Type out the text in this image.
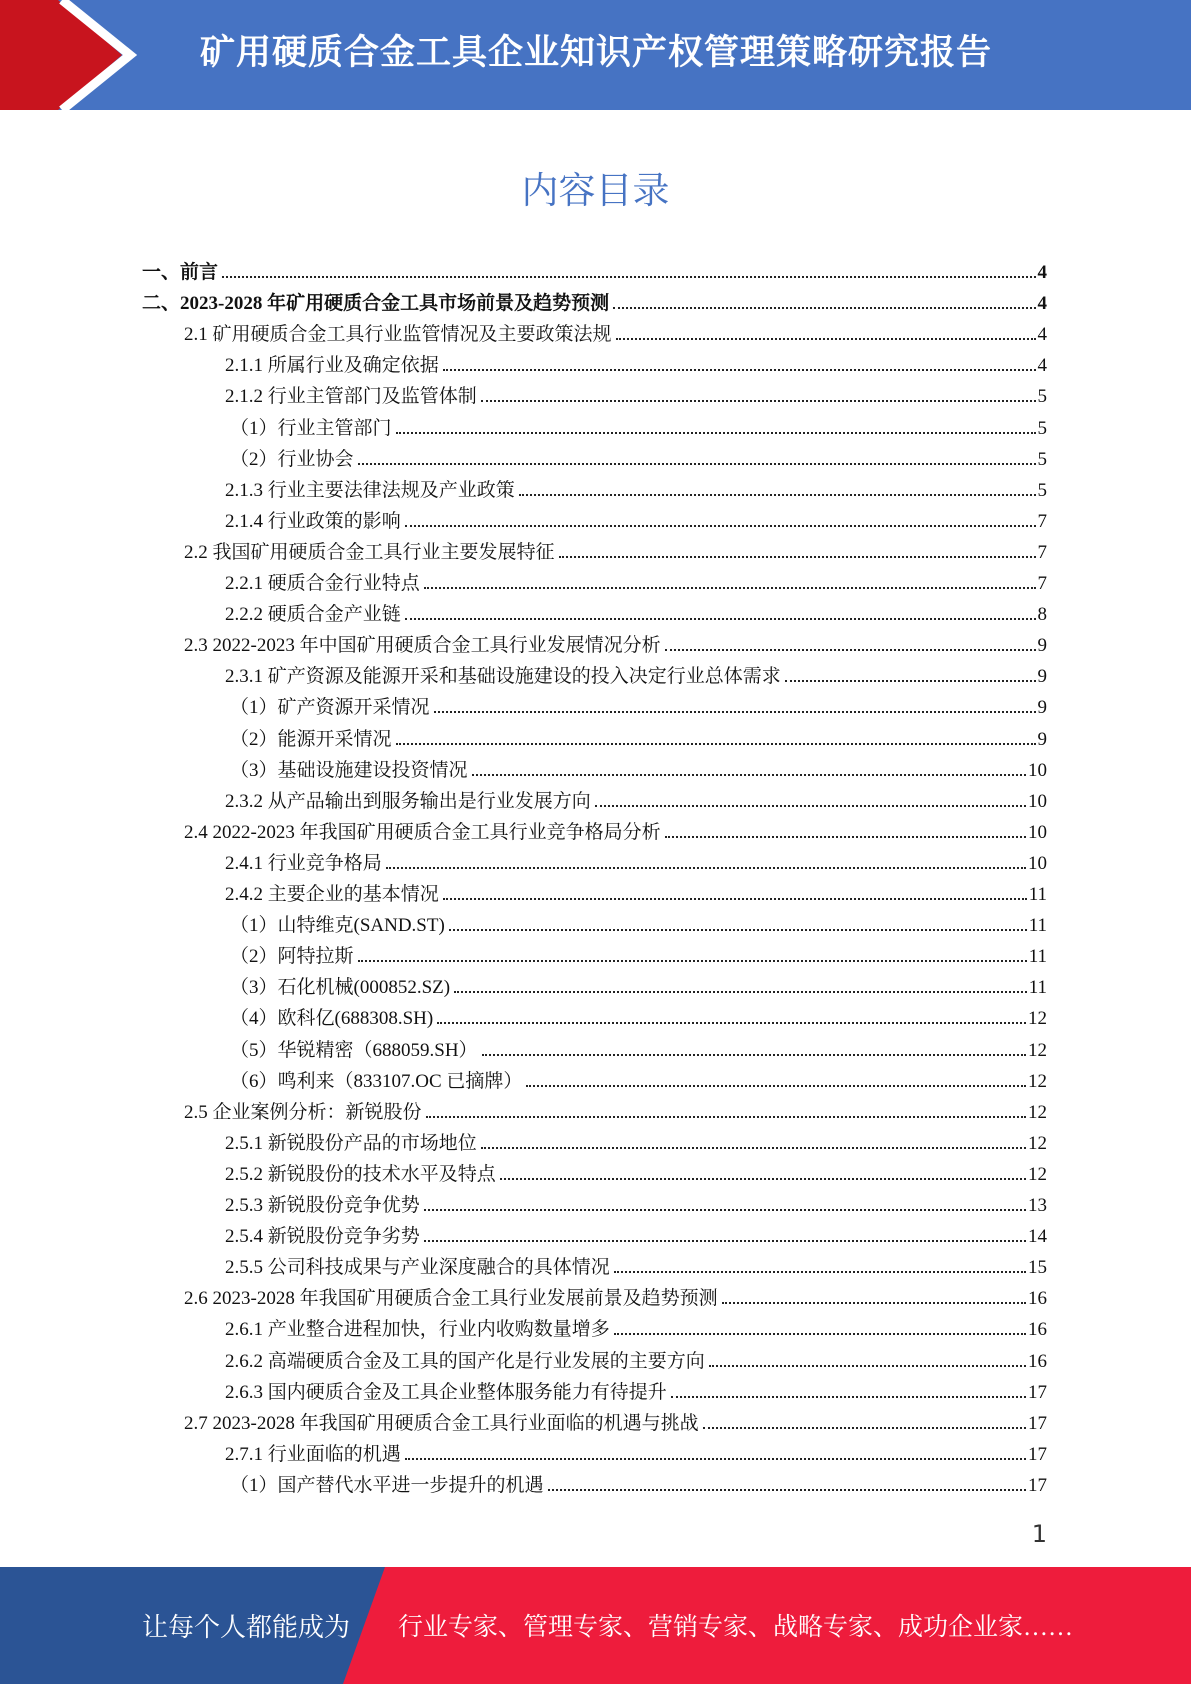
矿用硬质合金工具企业知识产权管理策略研究报告
内容目录
一、前言	4
二、2023-2028 年矿用硬质合金工具市场前景及趋势预测	4
2.1 矿用硬质合金工具行业监管情况及主要政策法规	4
2.1.1 所属行业及确定依据	4
2.1.2 行业主管部门及监管体制	5
（1）行业主管部门	5
（2）行业协会	5
2.1.3 行业主要法律法规及产业政策	5
2.1.4 行业政策的影响	7
2.2 我国矿用硬质合金工具行业主要发展特征	7
2.2.1 硬质合金行业特点	7
2.2.2 硬质合金产业链	8
2.3 2022-2023 年中国矿用硬质合金工具行业发展情况分析	9
2.3.1 矿产资源及能源开采和基础设施建设的投入决定行业总体需求	9
（1）矿产资源开采情况	9
（2）能源开采情况	9
（3）基础设施建设投资情况	10
2.3.2 从产品输出到服务输出是行业发展方向	10
2.4 2022-2023 年我国矿用硬质合金工具行业竞争格局分析	10
2.4.1 行业竞争格局	10
2.4.2 主要企业的基本情况	11
（1）山特维克(SAND.ST)	11
（2）阿特拉斯	11
（3）石化机械(000852.SZ)	11
（4）欧科亿(688308.SH)	12
（5）华锐精密（688059.SH）	12
（6）鸣利来（833107.OC 已摘牌）	12
2.5 企业案例分析：新锐股份	12
2.5.1 新锐股份产品的市场地位	12
2.5.2 新锐股份的技术水平及特点	12
2.5.3 新锐股份竞争优势	13
2.5.4 新锐股份竞争劣势	14
2.5.5 公司科技成果与产业深度融合的具体情况	15
2.6 2023-2028 年我国矿用硬质合金工具行业发展前景及趋势预测	16
2.6.1 产业整合进程加快，行业内收购数量增多	16
2.6.2 高端硬质合金及工具的国产化是行业发展的主要方向	16
2.6.3 国内硬质合金及工具企业整体服务能力有待提升	17
2.7 2023-2028 年我国矿用硬质合金工具行业面临的机遇与挑战	17
2.7.1 行业面临的机遇	17
（1）国产替代水平进一步提升的机遇	17
1
让每个人都能成为 行业专家、管理专家、营销专家、战略专家、成功企业家……
